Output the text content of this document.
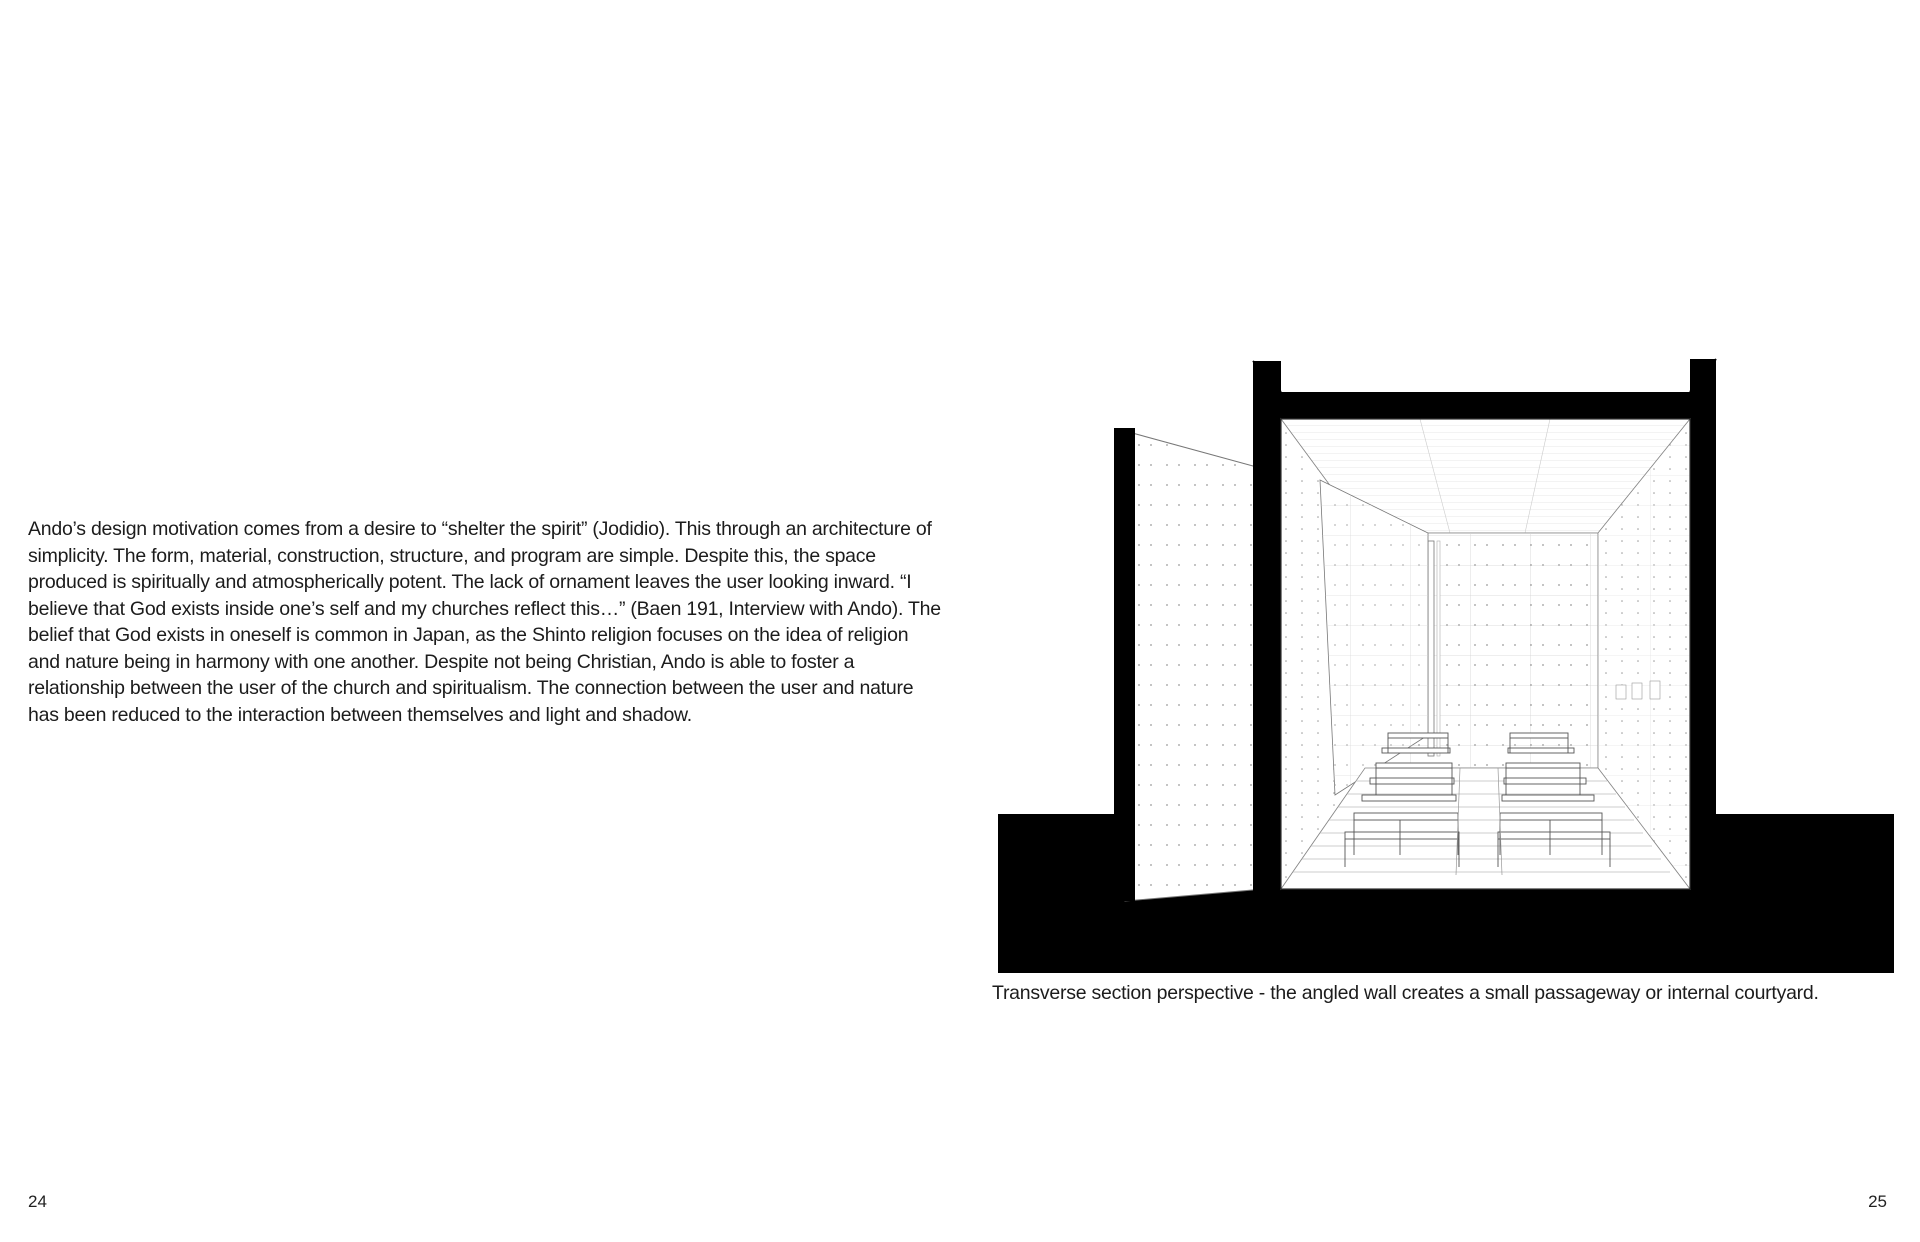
Ando’s design motivation comes from a desire to “shelter the spirit” (Jodidio). This through an architecture of simplicity. The form, material, construction, structure, and program are simple. Despite this, the space produced is spiritually and atmospherically potent. The lack of ornament leaves the user looking inward. “I believe that God exists inside one’s self and my churches reflect this…” (Baen 191, Interview with Ando). The belief that God exists in oneself is common in Japan, as the Shinto religion focuses on the idea of religion and nature being in harmony with one another. Despite not being Christian, Ando is able to foster a relationship between the user of the church and spiritualism. The connection between the user and nature has been reduced to the interaction between themselves and light and shadow.

Transverse section perspective - the angled wall creates a small passageway or internal courtyard.

24	25
